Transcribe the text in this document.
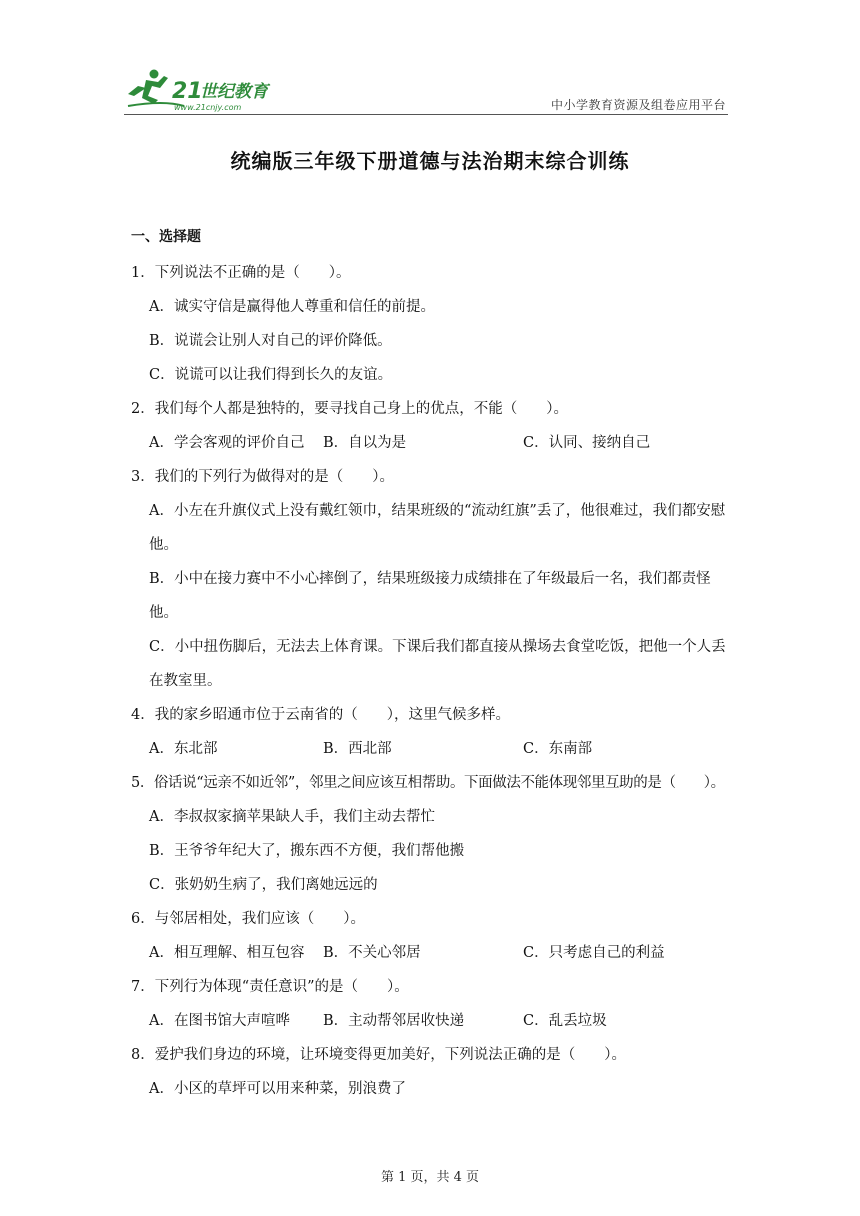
21
世纪教育
www.21cnjy.com	中小学教育资源及组卷应用平台
统编版三年级下册道德与法治期末综合训练
一、选择题
1．下列说法不正确的是（　　）。
A．诚实守信是赢得他人尊重和信任的前提。
B．说谎会让别人对自己的评价降低。
C．说谎可以让我们得到长久的友谊。
2．我们每个人都是独特的，要寻找自己身上的优点，不能（　　）。
A．学会客观的评价自己	B．自以为是	C．认同、接纳自己
3．我们的下列行为做得对的是（　　）。
A．小左在升旗仪式上没有戴红领巾，结果班级的“流动红旗”丢了，他很难过，我们都安慰他。
B．小中在接力赛中不小心摔倒了，结果班级接力成绩排在了年级最后一名，我们都责怪他。
C．小中扭伤脚后，无法去上体育课。下课后我们都直接从操场去食堂吃饭，把他一个人丢在教室里。
4．我的家乡昭通市位于云南省的（　　），这里气候多样。
A．东北部	B．西北部	C．东南部
5．俗话说“远亲不如近邻”，邻里之间应该互相帮助。下面做法不能体现邻里互助的是（　　）。
A．李叔叔家摘苹果缺人手，我们主动去帮忙
B．王爷爷年纪大了，搬东西不方便，我们帮他搬
C．张奶奶生病了，我们离她远远的
6．与邻居相处，我们应该（　　）。
A．相互理解、相互包容	B．不关心邻居	C．只考虑自己的利益
7．下列行为体现“责任意识”的是（　　）。
A．在图书馆大声喧哗	B．主动帮邻居收快递	C．乱丢垃圾
8．爱护我们身边的环境，让环境变得更加美好，下列说法正确的是（　　）。
A．小区的草坪可以用来种菜，别浪费了
第 1 页，共 4 页
